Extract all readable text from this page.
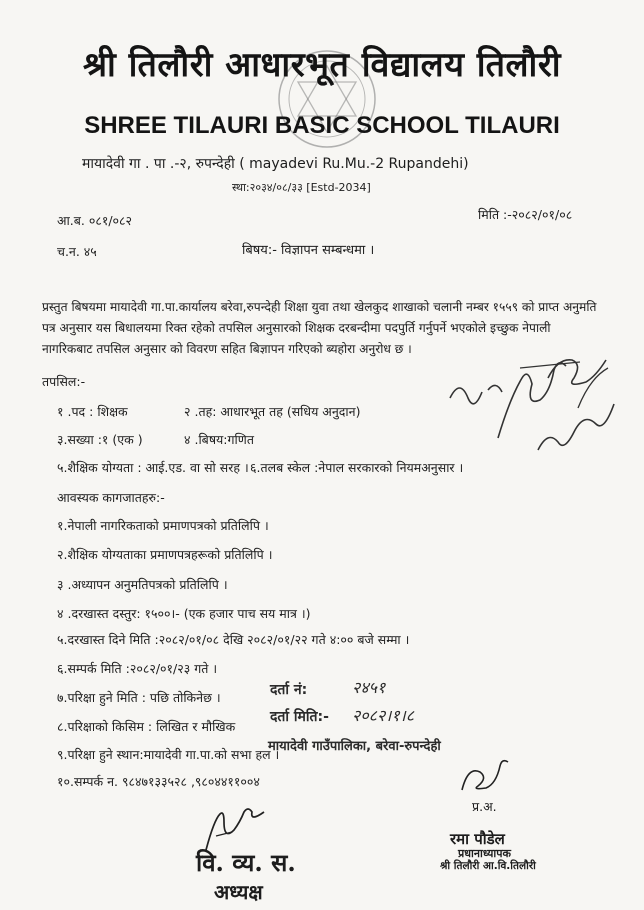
श्री तिलौरी आधारभूत विद्यालय तिलौरी
SHREE TILAURI BASIC SCHOOL TILAURI
मायादेवी गा . पा .-२, रुपन्देही ( mayadevi Ru.Mu.-2 Rupandehi)
स्था:२०३४/०८/३३ [Estd-2034]
आ.ब. ०८१/०८२	मिति :-२०८२/०१/०८
च.न. ४५	बिषय:- विज्ञापन सम्बन्धमा ।
प्रस्तुत बिषयमा मायादेवी गा.पा.कार्यालय बरेवा,रुपन्देही शिक्षा युवा तथा खेलकुद शाखाको चलानी नम्बर १५५९ को प्राप्त अनुमति पत्र अनुसार यस बिधालयमा रिक्त रहेको तपसिल अनुसारको शिक्षक दरबन्दीमा पदपुर्ति गर्नुपर्ने भएकोले इच्छुक नेपाली नागरिकबाट तपसिल अनुसार को विवरण सहित बिज्ञापन गरिएको ब्यहोरा अनुरोध छ ।
तपसिल:-
१ .पद : शिक्षक	२ .तह: आधारभूत तह (सधिय अनुदान)
३.सख्या :१ (एक )	४ .बिषय:गणित
५.शैक्षिक योग्यता : आई.एड. वा सो सरह । ६.तलब स्केल :नेपाल सरकारको नियमअनुसार ।
आवस्यक कागजातहरु:-
१.नेपाली नागरिकताको प्रमाणपत्रको प्रतिलिपि ।
२.शैक्षिक योग्यताका प्रमाणपत्रहरूको प्रतिलिपि ।
३ .अध्यापन अनुमतिपत्रको प्रतिलिपि ।
४ .दरखास्त दस्तुर: १५००।- (एक हजार पाच सय मात्र ।)
५.दरखास्त दिने मिति :२०८२/०१/०८ देखि २०८२/०१/२२ गते ४:०० बजे सम्मा ।
६.सम्पर्क मिति :२०८२/०१/२३ गते ।
७.परिक्षा हुने मिति : पछि तोकिनेछ ।
८.परिक्षाको किसिम : लिखित र मौखिक
९.परिक्षा हुने स्थान:मायादेवी गा.पा.को सभा हल ।
१०.सम्पर्क न. ९८४७१३३५२८ ,९८०४४११००४
दर्ता नं:	२४५१
दर्ता मिति:- २०८२।१।८
मायादेवी गाउँपालिका, बरेवा-रुपन्देही
प्र.अ.
वि. व्य. स.
अध्यक्ष
रमा पौडेल
प्रधानाध्यापक
श्री तिलौरी आ.वि.तिलौरी
